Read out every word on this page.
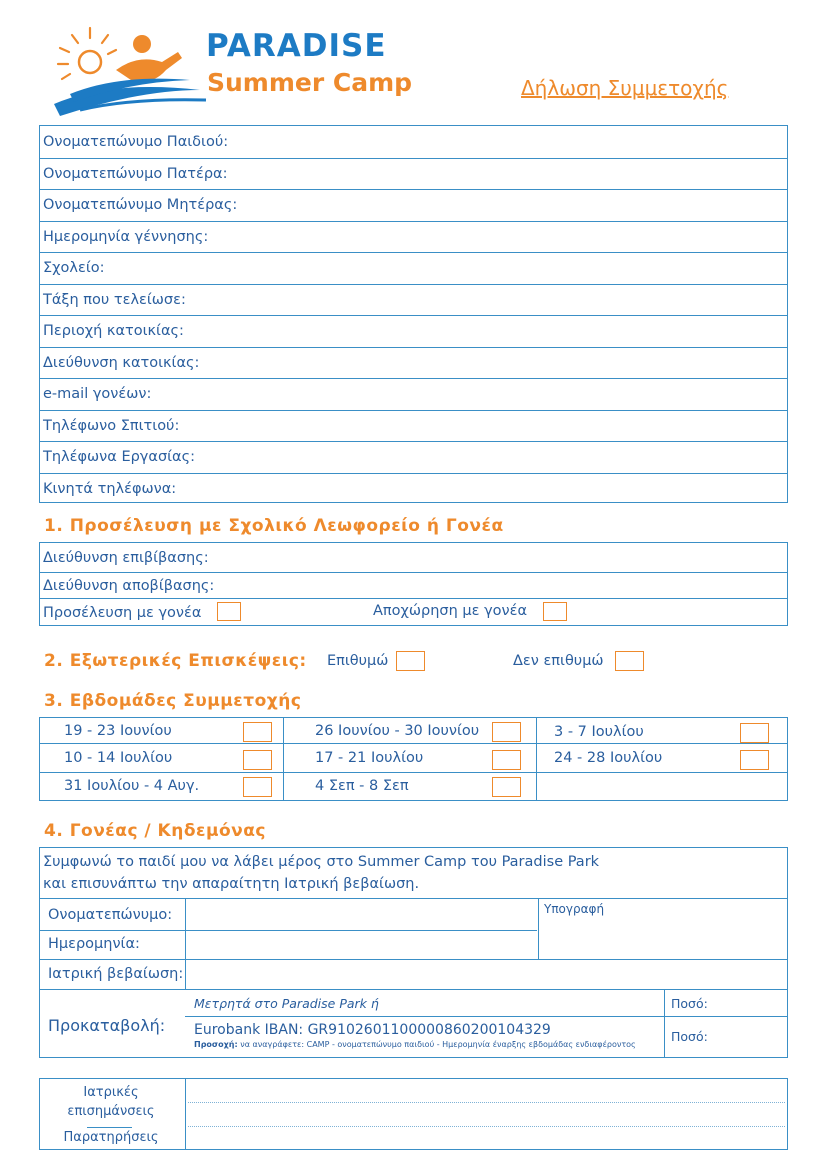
PARADISE
Summer Camp	Δήλωση Συμμετοχής
Ονοματεπώνυμο Παιδιού:
Ονοματεπώνυμο Πατέρα:
Ονοματεπώνυμο Μητέρας:
Ημερομηνία γέννησης:
Σχολείο:
Τάξη που τελείωσε:
Περιοχή κατοικίας:
Διεύθυνση κατοικίας:
e-mail γονέων:
Τηλέφωνο Σπιτιού:
Τηλέφωνα Εργασίας:
Κινητά τηλέφωνα:
1. Προσέλευση με Σχολικό Λεωφορείο ή Γονέα
Διεύθυνση επιβίβασης:
Διεύθυνση αποβίβασης:
Προσέλευση με γονέα	Αποχώρηση με γονέα
2. Εξωτερικές Επισκέψεις: Επιθυμώ	Δεν επιθυμώ
3. Εβδομάδες Συμμετοχής
19 - 23 Ιουνίου	26 Ιουνίου - 30 Ιουνίου	3 - 7 Ιουλίου
10 - 14 Ιουλίου	17 - 21 Ιουλίου	24 - 28 Ιουλίου
31 Ιουλίου - 4 Αυγ.	4 Σεπ - 8 Σεπ
4. Γονέας / Κηδεμόνας
Συμφωνώ το παιδί μου να λάβει μέρος στο Summer Camp του Paradise Park
και επισυνάπτω την απαραίτητη Ιατρική βεβαίωση.
Ονοματεπώνυμο:	Υπογραφή
Ημερομηνία:
Ιατρική βεβαίωση:
Προκαταβολή:
Μετρητά στο Paradise Park ή	Ποσό:
Eurobank IBAN: GR9102601100000860200104329
Προσοχή: να αναγράφετε: CAMP - ονοματεπώνυμο παιδιού - Ημερομηνία έναρξης εβδομάδας ενδιαφέροντος
Ποσό:
Ιατρικές επισημάνσεις
Παρατηρήσεις
